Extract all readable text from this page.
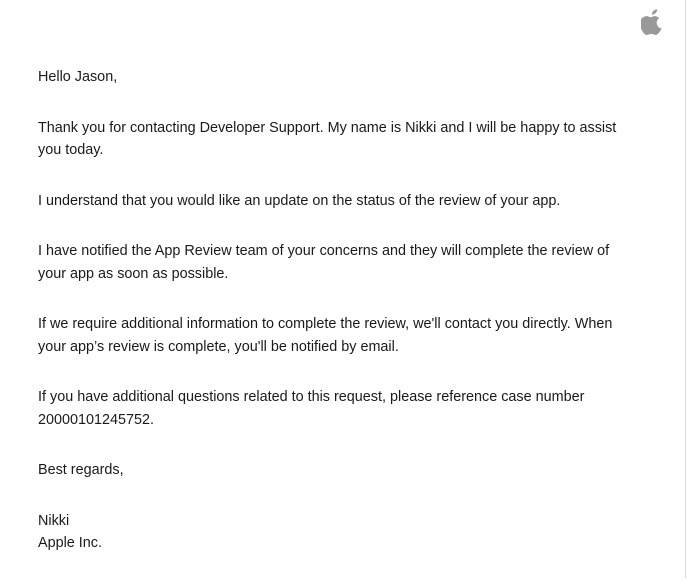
Hello Jason,

Thank you for contacting Developer Support. My name is Nikki and I will be happy to assist you today.

I understand that you would like an update on the status of the review of your app.

I have notified the App Review team of your concerns and they will complete the review of your app as soon as possible.

If we require additional information to complete the review, we'll contact you directly. When your app’s review is complete, you'll be notified by email.

If you have additional questions related to this request, please reference case number 20000101245752.

Best regards,

Nikki
Apple Inc.
